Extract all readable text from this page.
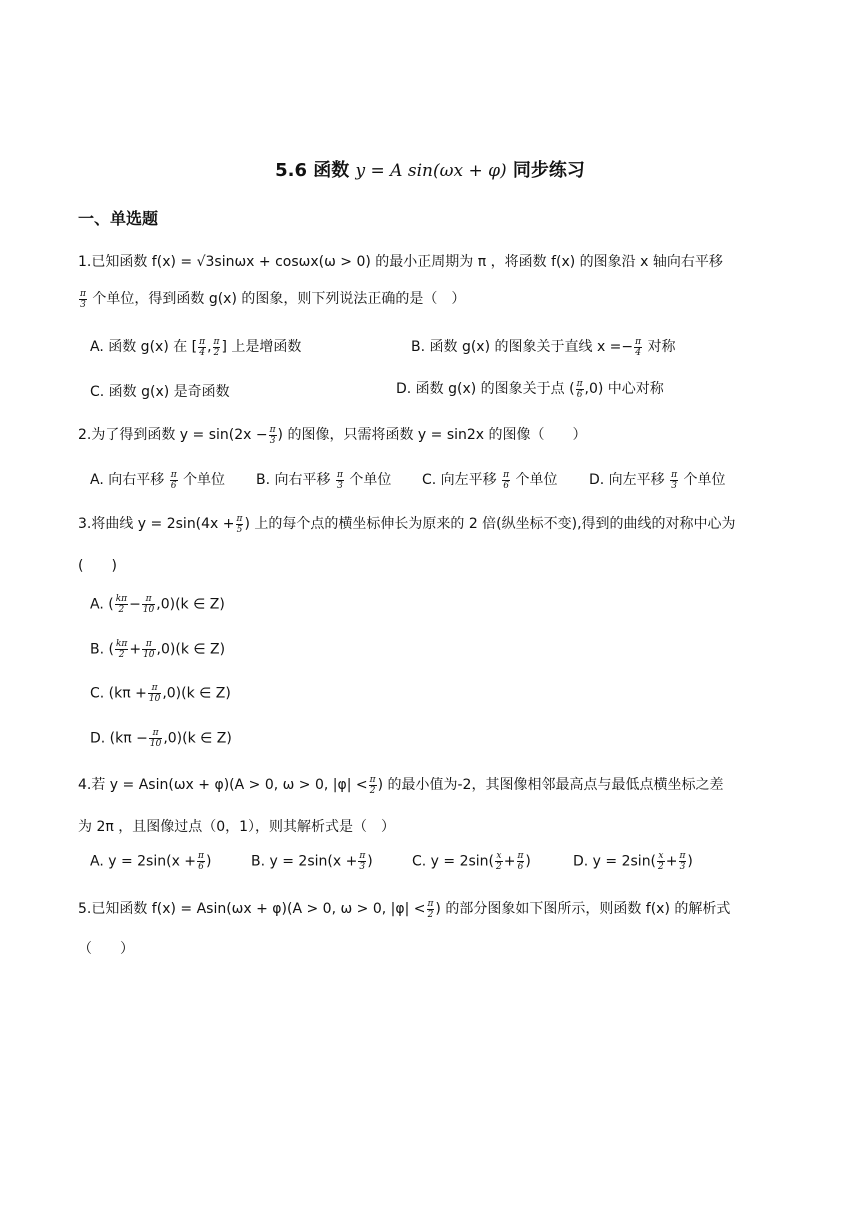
5.6 函数 y = A sin(ωx + φ) 同步练习
一、单选题
1.已知函数 f(x) = √3sinωx + cosωx(ω > 0) 的最小正周期为 π ，将函数 f(x) 的图象沿 x 轴向右平移
$\frac{\pi}{3}$ 个单位，得到函数 g(x) 的图象，则下列说法正确的是（　）
A. 函数 g(x) 在 [ $\frac{\pi}{4}$ , $\frac{\pi}{2}$ ] 上是增函数	B. 函数 g(x) 的图象关于直线 $x =- \frac{\pi}{4}$ 对称
C. 函数 g(x) 是奇函数	D. 函数 g(x) 的图象关于点 ( $\frac{\pi}{6} ,0$) 中心对称
2.为了得到函数 $y = \sin(2x - \frac{\pi}{3}$ ) 的图像，只需将函数 y = sin2x 的图像（　　）
A. 向右平移 $\frac{\pi}{6}$ 个单位 B. 向右平移 $\frac{\pi}{3}$ 个单位 C. 向左平移 $\frac{\pi}{6}$ 个单位 D. 向左平移 $\frac{\pi}{3}$ 个单位
3.将曲线 $y = 2\sin(4x + \frac{\pi}{5}$ ) 上的每个点的横坐标伸长为原来的 2 倍(纵坐标不变),得到的曲线的对称中心为
(　　)
A. ( $\frac{k\pi}{2} - \frac{\pi}{10} ,0)(k$ ∈ Z)
B. ( $\frac{k\pi}{2} + \frac{\pi}{10} ,0)(k$ ∈ Z)
C. $(k\pi + \frac{\pi}{10} ,0)(k$ ∈ Z)
D. $(k\pi - \frac{\pi}{10} ,0)(k$ ∈ Z)
4.若 y = Asin(ωx + φ)(A > 0, ω > 0, $|\varphi| < \frac{\pi}{2}$ ) 的最小值为-2，其图像相邻最高点与最低点横坐标之差
为 2π ，且图像过点（0，1），则其解析式是（　）
A. $y = 2\sin(x + \frac{\pi}{6}$ )	B. $y = 2\sin(x + \frac{\pi}{3}$ )	C. $y = 2\sin( \frac{x}{2} + \frac{\pi}{6}$ )	D. $y = 2\sin( \frac{x}{2} + \frac{\pi}{3}$ )
5.已知函数 f(x) = Asin(ωx + φ)(A > 0, ω > 0, $|\varphi| < \frac{\pi}{2}$ ) 的部分图象如下图所示，则函数 f(x) 的解析式
（　　）
